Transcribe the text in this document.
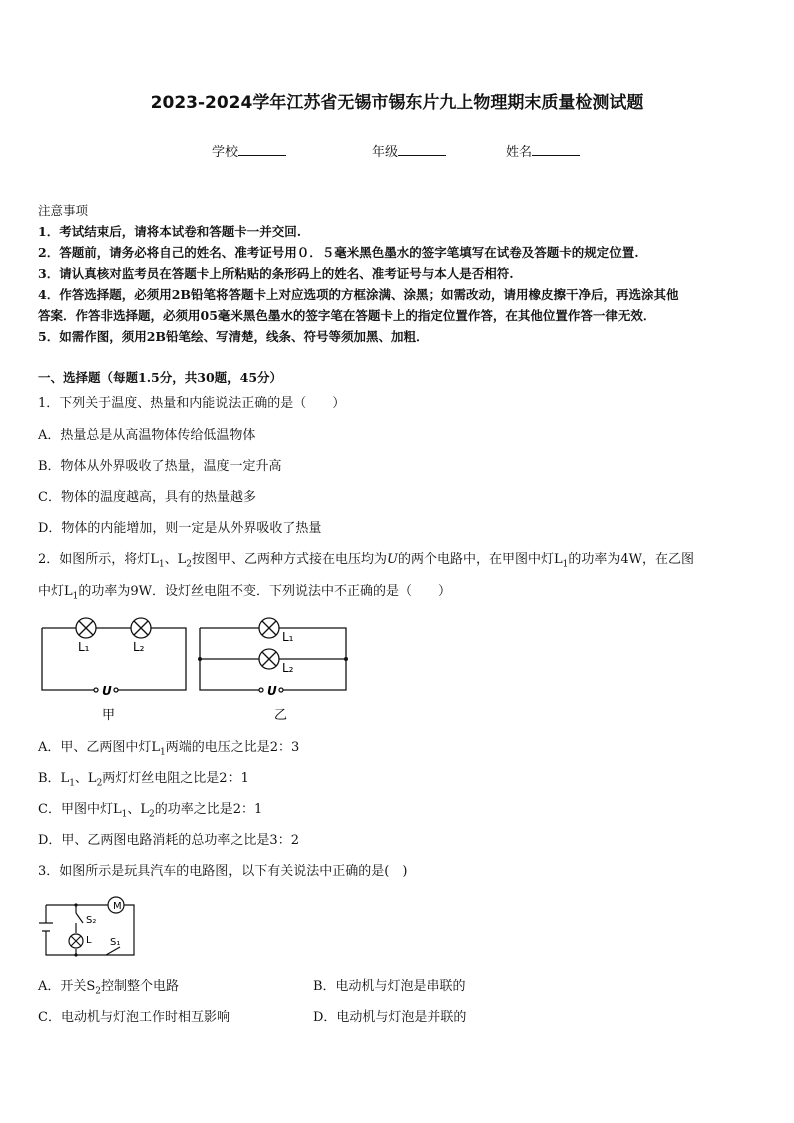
2023-2024学年江苏省无锡市锡东片九上物理期末质量检测试题
学校	年级	姓名
注意事项
1．考试结束后，请将本试卷和答题卡一并交回.
2．答题前，请务必将自己的姓名、准考证号用０．５毫米黑色墨水的签字笔填写在试卷及答题卡的规定位置.
3．请认真核对监考员在答题卡上所粘贴的条形码上的姓名、准考证号与本人是否相符.
4．作答选择题，必须用2B铅笔将答题卡上对应选项的方框涂满、涂黑；如需改动，请用橡皮擦干净后，再选涂其他
答案．作答非选择题，必须用05毫米黑色墨水的签字笔在答题卡上的指定位置作答，在其他位置作答一律无效．
5．如需作图，须用2B铅笔绘、写清楚，线条、符号等须加黑、加粗．
一、选择题（每题1.5分，共30题，45分）
1．下列关于温度、热量和内能说法正确的是（　　）
A．热量总是从高温物体传给低温物体
B．物体从外界吸收了热量，温度一定升高
C．物体的温度越高，具有的热量越多
D．物体的内能增加，则一定是从外界吸收了热量
2．如图所示，将灯$L_1$、$L_2$按图甲、乙两种方式接在电压均为U的两个电路中，在甲图中灯$L_1$的功率为4W，在乙图
中灯$L_1$的功率为9W．设灯丝电阻不变．下列说法中不正确的是（　　）
L₁	L₂
U
甲
L₁
L₂
U
乙
A．甲、乙两图中灯$L_1$两端的电压之比是2：3
B．$L_1$、$L_2$两灯灯丝电阻之比是2：1
C．甲图中灯$L_1$、$L_2$的功率之比是2：1
D．甲、乙两图电路消耗的总功率之比是3：2
3．如图所示是玩具汽车的电路图，以下有关说法中正确的是(　)
M
S₂
L S₁
A．开关$S_2$控制整个电路	B．电动机与灯泡是串联的
C．电动机与灯泡工作时相互影响	D．电动机与灯泡是并联的
